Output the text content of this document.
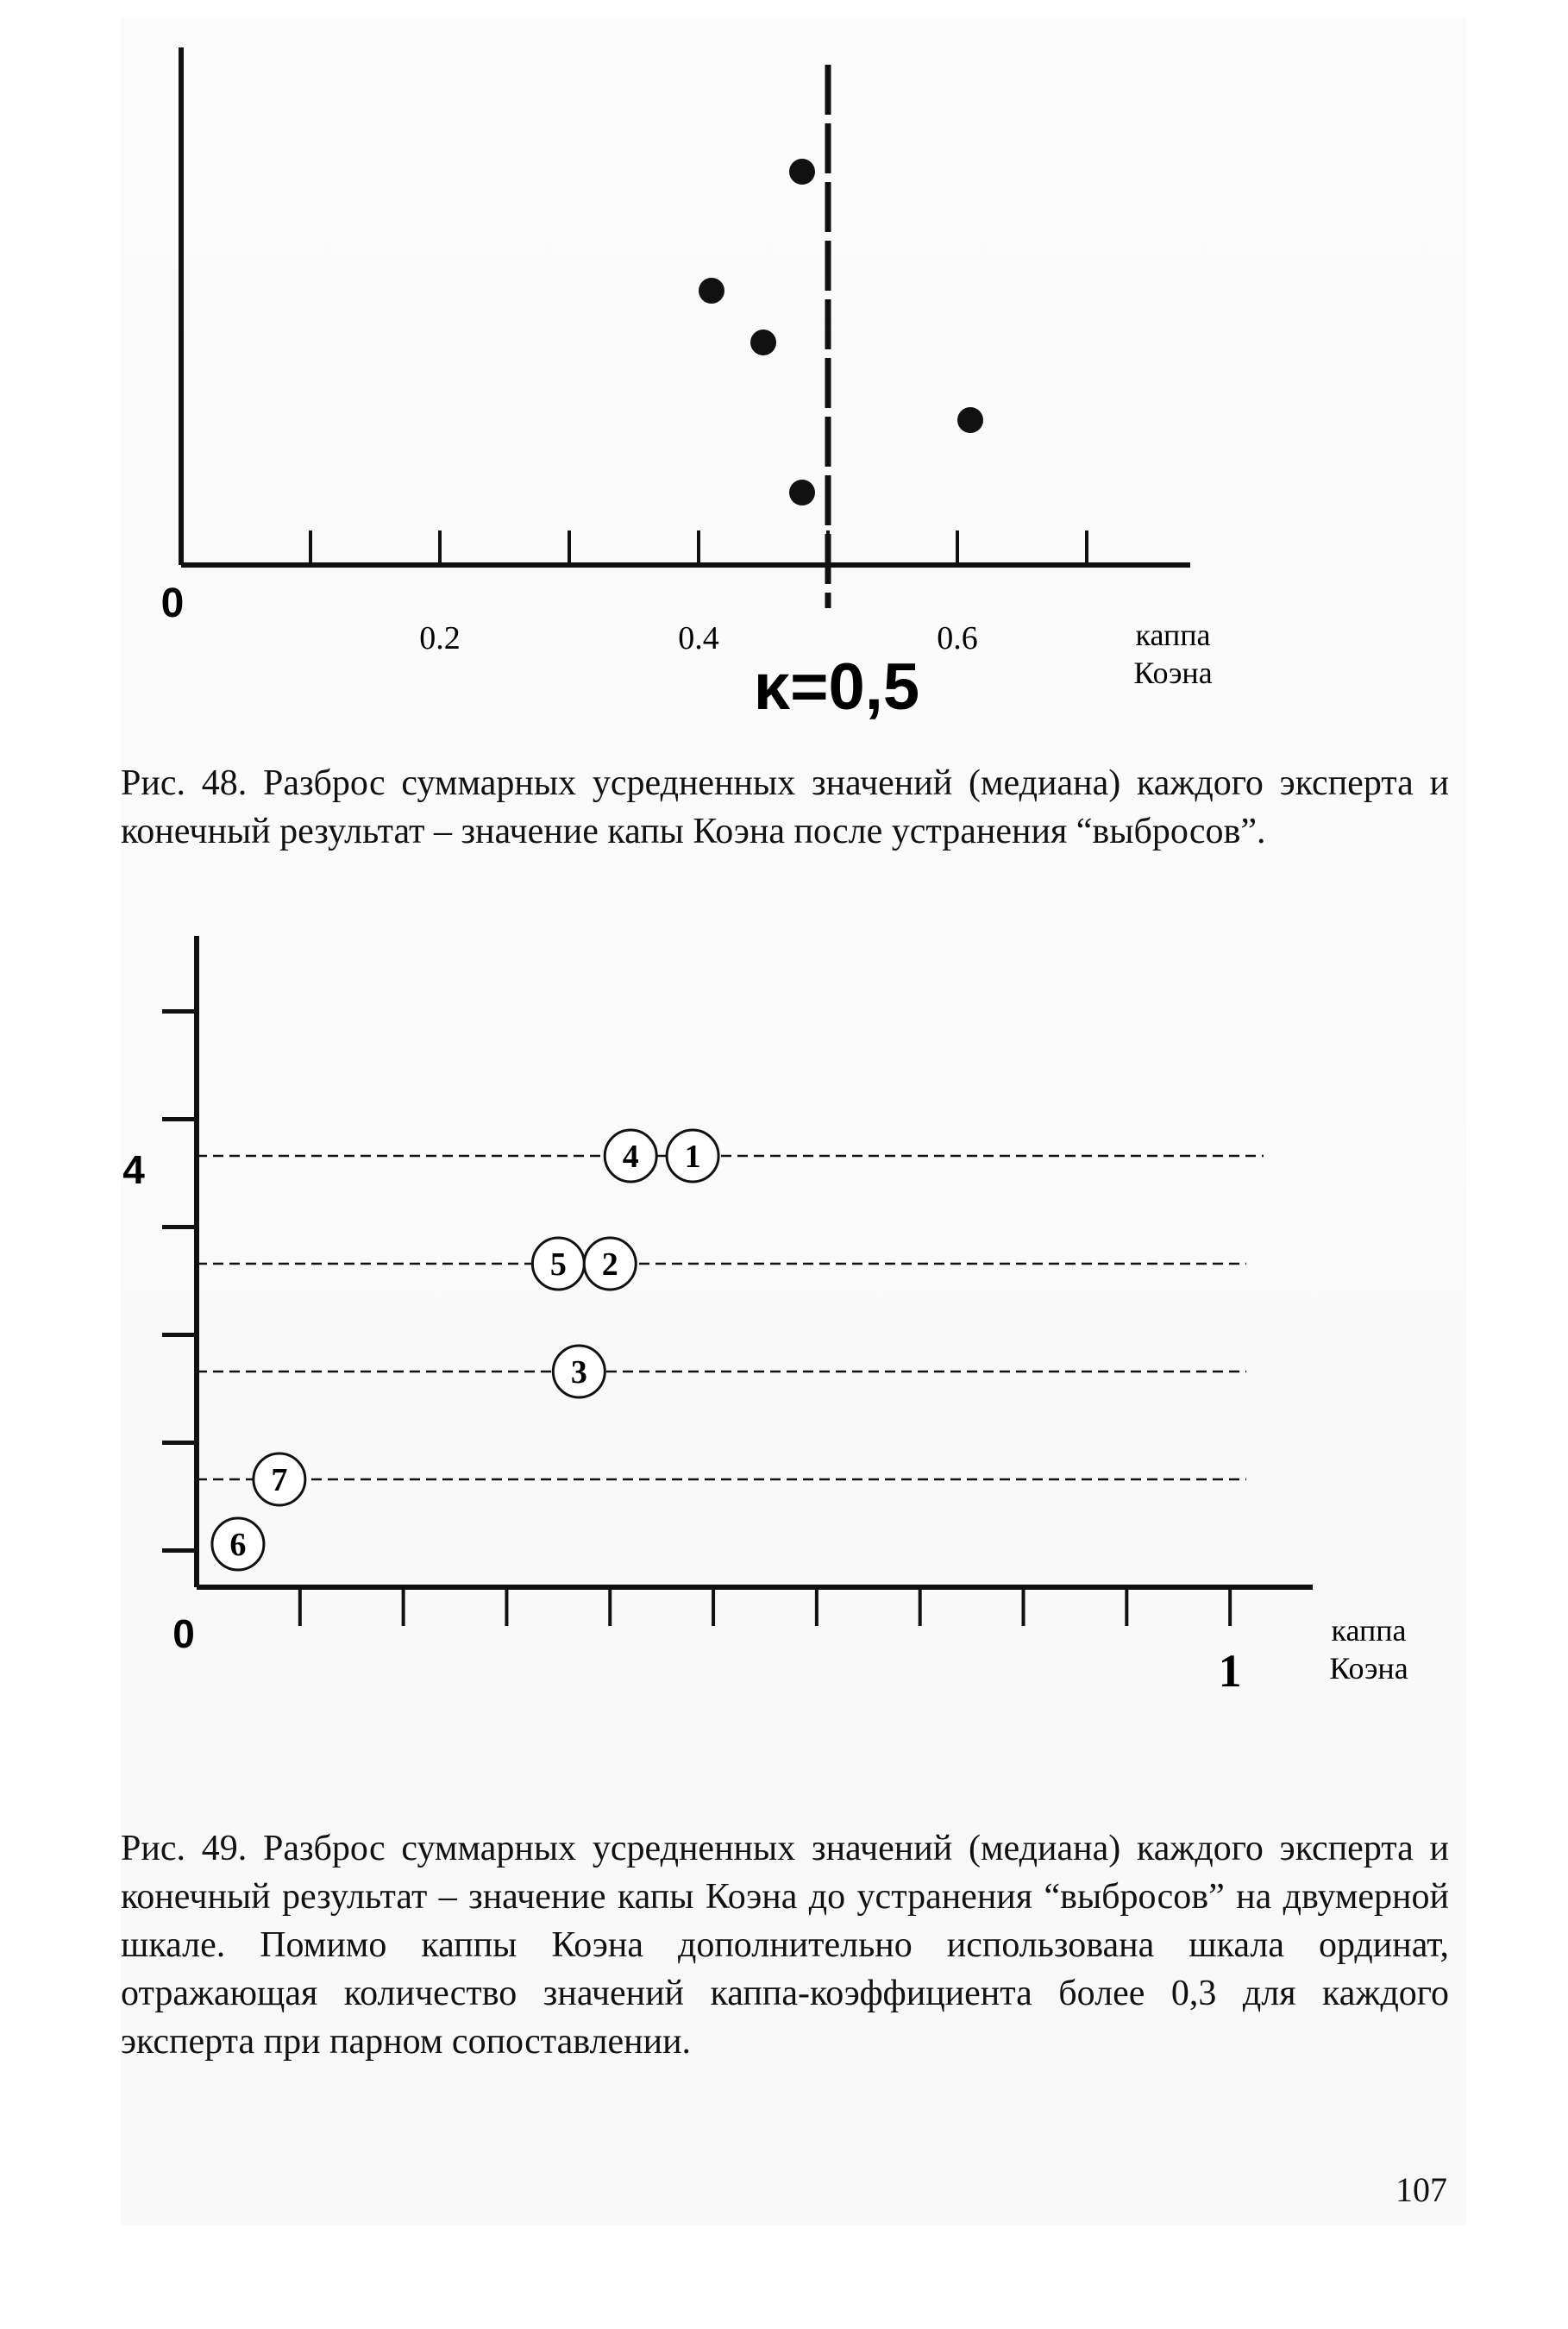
0.2	0.4	0.6
0
κ=0,5
каппа
Коэна
Рис. 48. Разброс суммарных усредненных значений (медиана) каждого эксперта и конечный результат – значение капы Коэна после устранения “выбросов”.
4
0
1
каппа
Коэна
4 1
5 2
3
7
6
Рис. 49. Разброс суммарных усредненных значений (медиана) каждого эксперта и конечный результат – значение капы Коэна до устранения “выбросов” на двумерной шкале. Помимо каппы Коэна дополнительно использована шкала ординат, отражающая количество значений каппа-коэффициента более 0,3 для каждого эксперта при парном сопоставлении.
107
